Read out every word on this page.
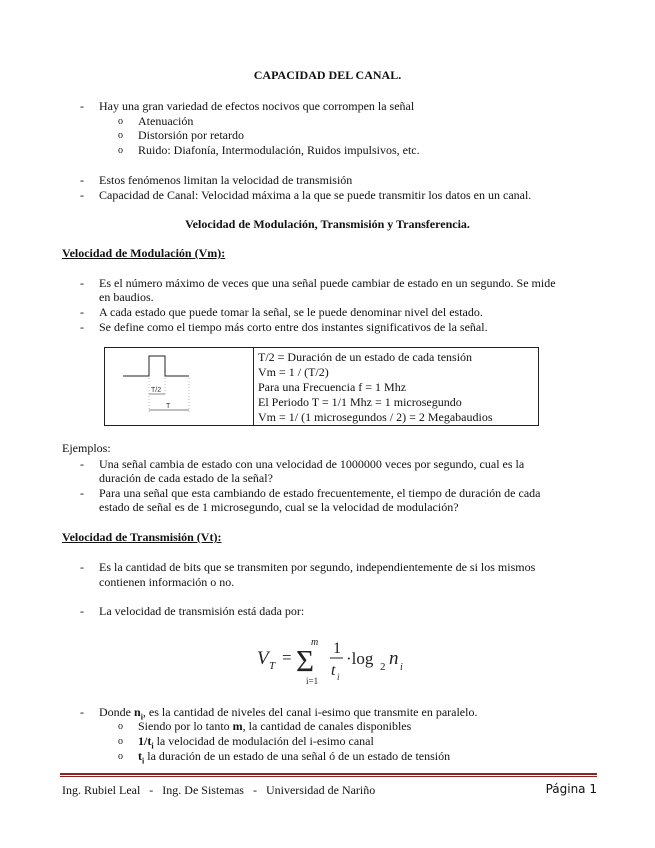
CAPACIDAD DEL CANAL.
- Hay una gran variedad de efectos nocivos que corrompen la señal
o Atenuación
o Distorsión por retardo
o Ruido: Diafonía, Intermodulación, Ruidos impulsivos, etc.
- Estos fenómenos limitan la velocidad de transmisión
- Capacidad de Canal: Velocidad máxima a la que se puede transmitir los datos en un canal.
Velocidad de Modulación, Transmisión y Transferencia.
Velocidad de Modulación (Vm):
- Es el número máximo de veces que una señal puede cambiar de estado en un segundo. Se mide
en baudios.
- A cada estado que puede tomar la señal, se le puede denominar nivel del estado.
- Se define como el tiempo más corto entre dos instantes significativos de la señal.
T/2
T
T/2 = Duración de un estado de cada tensión
Vm = 1 / (T/2)
Para una Frecuencia f = 1 Mhz
El Periodo T = 1/1 Mhz = 1 microsegundo
Vm = 1/ (1 microsegundos / 2) = 2 Megabaudios
Ejemplos:
- Una señal cambia de estado con una velocidad de 1000000 veces por segundo, cual es la
duración de cada estado de la señal?
- Para una señal que esta cambiando de estado frecuentemente, el tiempo de duración de cada
estado de señal es de 1 microsegundo, cual se la velocidad de modulación?
Velocidad de Transmisión (Vt):
- Es la cantidad de bits que se transmiten por segundo, independientemente de si los mismos
contienen información o no.
- La velocidad de transmisión está dada por:
V T =
m
Σ
i=1
1
t i
·log 2 n i
- Donde $n_i$, es la cantidad de niveles del canal i-esimo que transmite en paralelo.
o Siendo por lo tanto m, la cantidad de canales disponibles
o $1/t_i$ la velocidad de modulación del i-esimo canal
o $t_i$ la duración de un estado de una señal ó de un estado de tensión
Ing. Rubiel Leal   -   Ing. De Sistemas   -   Universidad de Nariño	Página 1
